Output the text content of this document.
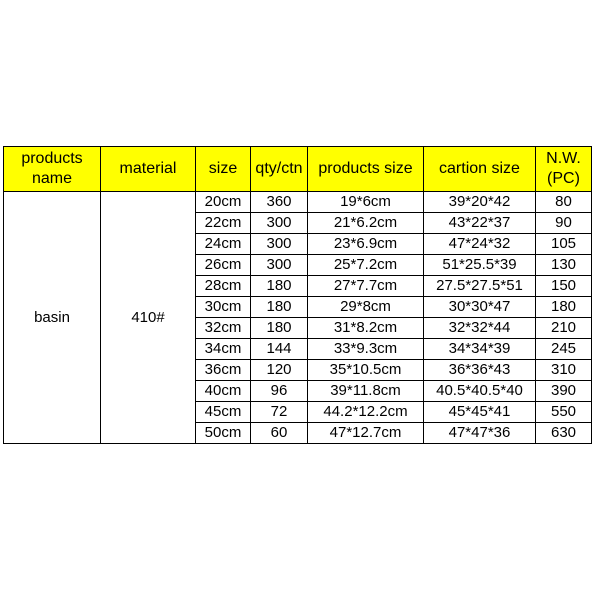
products name	material	size	qty/ctn	products size	cartion size	N.W.
(PC)
basin	410#	20cm	360	19*6cm	39*20*42	80
		22cm	300	21*6.2cm	43*22*37	90
		24cm	300	23*6.9cm	47*24*32	105
		26cm	300	25*7.2cm	51*25.5*39	130
		28cm	180	27*7.7cm	27.5*27.5*51	150
		30cm	180	29*8cm	30*30*47	180
		32cm	180	31*8.2cm	32*32*44	210
		34cm	144	33*9.3cm	34*34*39	245
		36cm	120	35*10.5cm	36*36*43	310
		40cm	96	39*11.8cm	40.5*40.5*40	390
		45cm	72	44.2*12.2cm	45*45*41	550
		50cm	60	47*12.7cm	47*47*36	630
